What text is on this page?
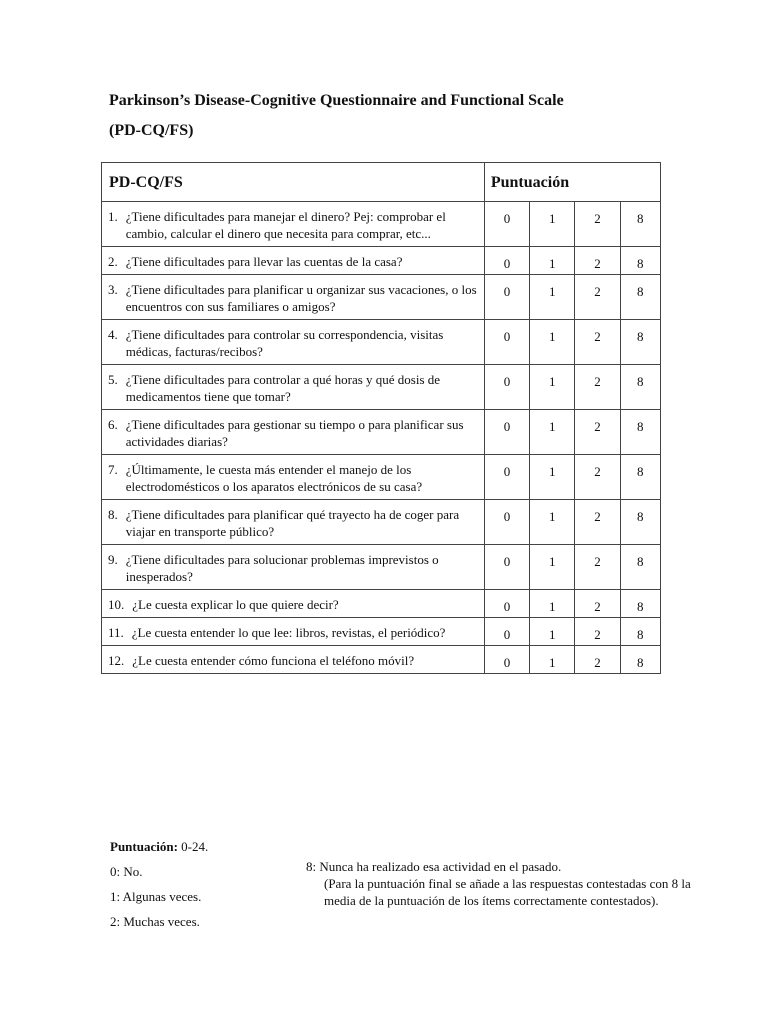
Parkinson’s Disease-Cognitive Questionnaire and Functional Scale
(PD-CQ/FS)
PD-CQ/FS	Puntuación			

1. ¿Tiene dificultades para manejar el dinero? Pej: comprobar el cambio, calcular el dinero que necesita para comprar, etc...	0	1	2	8

2. ¿Tiene dificultades para llevar las cuentas de la casa?	0	1	2	8

3. ¿Tiene dificultades para planificar u organizar sus vacaciones, o los encuentros con sus familiares o amigos?	0	1	2	8

4. ¿Tiene dificultades para controlar su correspondencia, visitas médicas, facturas/recibos?	0	1	2	8

5. ¿Tiene dificultades para controlar a qué horas y qué dosis de medicamentos tiene que tomar?	0	1	2	8

6. ¿Tiene dificultades para gestionar su tiempo o para planificar sus actividades diarias?	0	1	2	8

7. ¿Últimamente, le cuesta más entender el manejo de los electrodomésticos o los aparatos electrónicos de su casa?	0	1	2	8

8. ¿Tiene dificultades para planificar qué trayecto ha de coger para viajar en transporte público?	0	1	2	8

9. ¿Tiene dificultades para solucionar problemas imprevistos o inesperados?	0	1	2	8

10. ¿Le cuesta explicar lo que quiere decir?	0	1	2	8

11. ¿Le cuesta entender lo que lee: libros, revistas, el periódico?	0	1	2	8

12. ¿Le cuesta entender cómo funciona el teléfono móvil?	0	1	2	8
Puntuación: 0-24.
0: No.
1: Algunas veces.
2: Muchas veces.
8: Nunca ha realizado esa actividad en el pasado.
(Para la puntuación final se añade a las respuestas contestadas con 8 la media de la puntuación de los ítems correctamente contestados).
